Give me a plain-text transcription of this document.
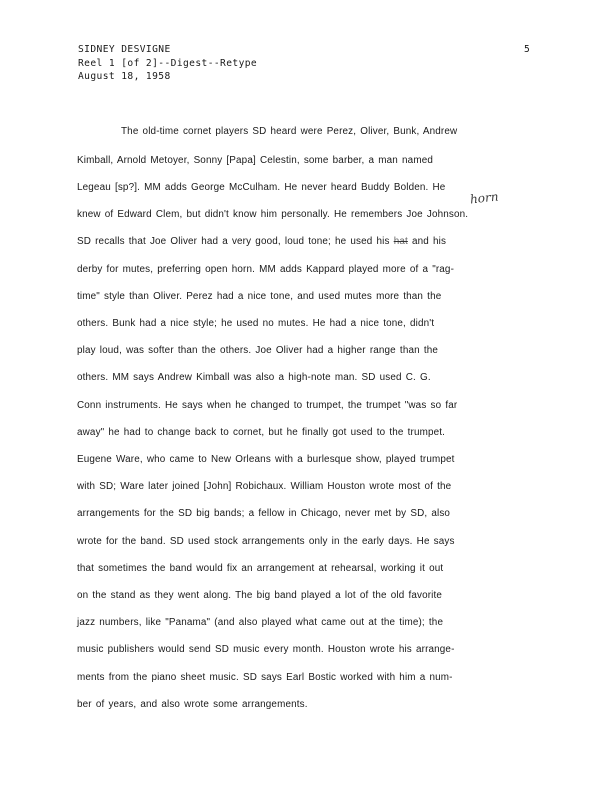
SIDNEY DESVIGNE
Reel 1 [of 2]--Digest--Retype
August 18, 1958
5
horn
The old-time cornet players SD heard were Perez, Oliver, Bunk, Andrew
Kimball, Arnold Metoyer, Sonny [Papa] Celestin, some barber, a man named
Legeau [sp?]. MM adds George McCulham. He never heard Buddy Bolden. He
knew of Edward Clem, but didn't know him personally. He remembers Joe Johnson.
SD recalls that Joe Oliver had a very good, loud tone; he used his hat and his
derby for mutes, preferring open horn. MM adds Kappard played more of a "rag-
time" style than Oliver. Perez had a nice tone, and used mutes more than the
others. Bunk had a nice style; he used no mutes. He had a nice tone, didn't
play loud, was softer than the others. Joe Oliver had a higher range than the
others. MM says Andrew Kimball was also a high-note man. SD used C. G.
Conn instruments. He says when he changed to trumpet, the trumpet "was so far
away" he had to change back to cornet, but he finally got used to the trumpet.
Eugene Ware, who came to New Orleans with a burlesque show, played trumpet
with SD; Ware later joined [John] Robichaux. William Houston wrote most of the
arrangements for the SD big bands; a fellow in Chicago, never met by SD, also
wrote for the band. SD used stock arrangements only in the early days. He says
that sometimes the band would fix an arrangement at rehearsal, working it out
on the stand as they went along. The big band played a lot of the old favorite
jazz numbers, like "Panama" (and also played what came out at the time); the
music publishers would send SD music every month. Houston wrote his arrange-
ments from the piano sheet music. SD says Earl Bostic worked with him a num-
ber of years, and also wrote some arrangements.
